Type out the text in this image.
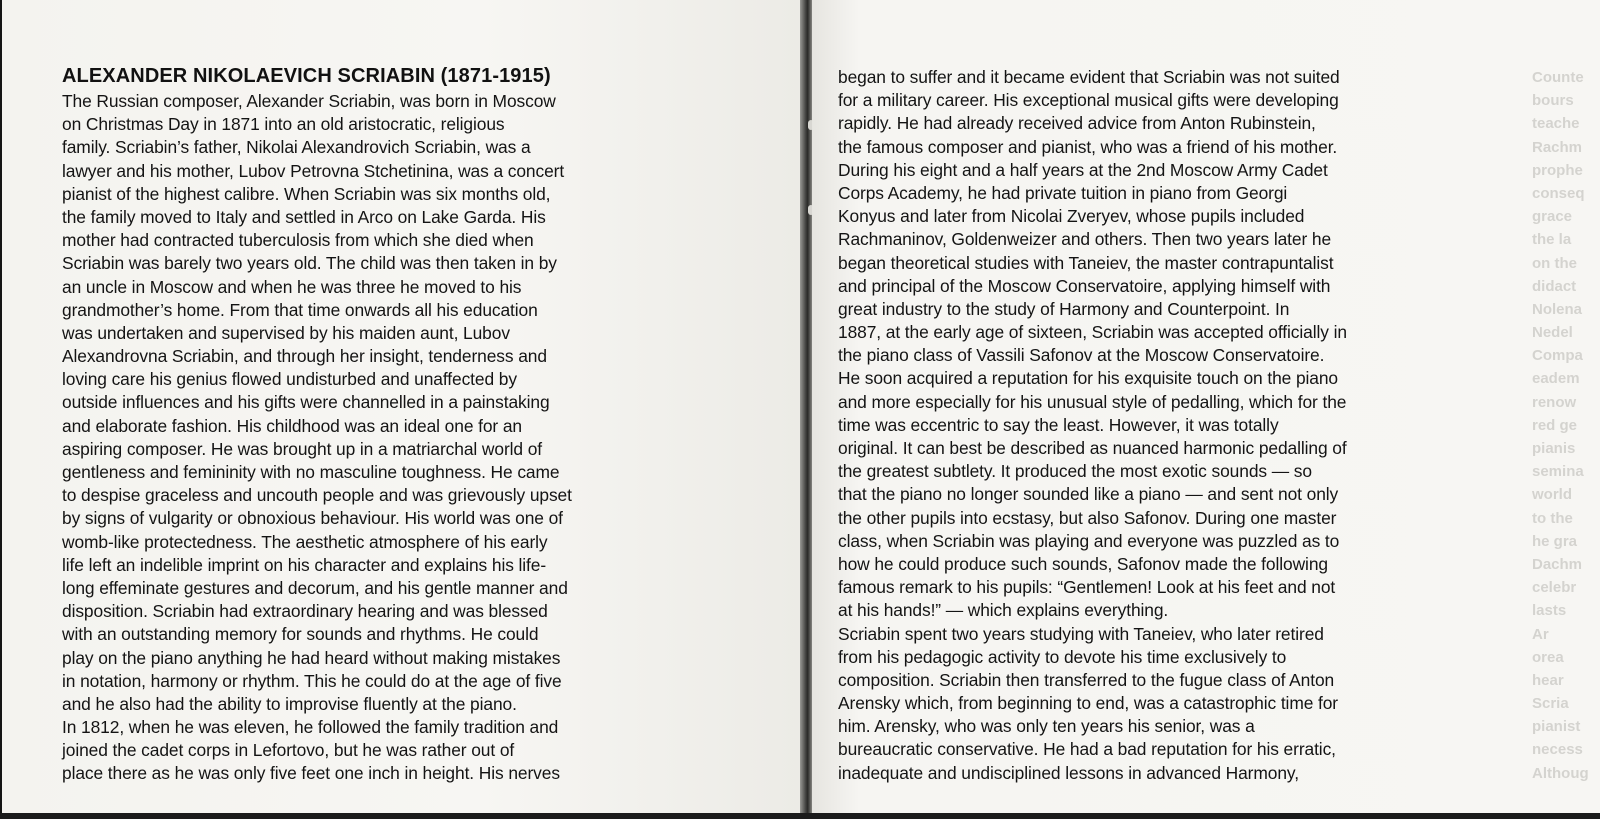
ALEXANDER NIKOLAEVICH SCRIABIN (1871-1915)
The Russian composer, Alexander Scriabin, was born in Moscow
on Christmas Day in 1871 into an old aristocratic, religious
family. Scriabin’s father, Nikolai Alexandrovich Scriabin, was a
lawyer and his mother, Lubov Petrovna Stchetinina, was a concert
pianist of the highest calibre. When Scriabin was six months old,
the family moved to Italy and settled in Arco on Lake Garda. His
mother had contracted tuberculosis from which she died when
Scriabin was barely two years old. The child was then taken in by
an uncle in Moscow and when he was three he moved to his
grandmother’s home. From that time onwards all his education
was undertaken and supervised by his maiden aunt, Lubov
Alexandrovna Scriabin, and through her insight, tenderness and
loving care his genius flowed undisturbed and unaffected by
outside influences and his gifts were channelled in a painstaking
and elaborate fashion. His childhood was an ideal one for an
aspiring composer. He was brought up in a matriarchal world of
gentleness and femininity with no masculine toughness. He came
to despise graceless and uncouth people and was grievously upset
by signs of vulgarity or obnoxious behaviour. His world was one of
womb-like protectedness. The aesthetic atmosphere of his early
life left an indelible imprint on his character and explains his life-
long effeminate gestures and decorum, and his gentle manner and
disposition. Scriabin had extraordinary hearing and was blessed
with an outstanding memory for sounds and rhythms. He could
play on the piano anything he had heard without making mistakes
in notation, harmony or rhythm. This he could do at the age of five
and he also had the ability to improvise fluently at the piano.
In 1812, when he was eleven, he followed the family tradition and
joined the cadet corps in Lefortovo, but he was rather out of
place there as he was only five feet one inch in height. His nerves
began to suffer and it became evident that Scriabin was not suited
for a military career. His exceptional musical gifts were developing
rapidly. He had already received advice from Anton Rubinstein,
the famous composer and pianist, who was a friend of his mother.
During his eight and a half years at the 2nd Moscow Army Cadet
Corps Academy, he had private tuition in piano from Georgi
Konyus and later from Nicolai Zveryev, whose pupils included
Rachmaninov, Goldenweizer and others. Then two years later he
began theoretical studies with Taneiev, the master contrapuntalist
and principal of the Moscow Conservatoire, applying himself with
great industry to the study of Harmony and Counterpoint. In
1887, at the early age of sixteen, Scriabin was accepted officially in
the piano class of Vassili Safonov at the Moscow Conservatoire.
He soon acquired a reputation for his exquisite touch on the piano
and more especially for his unusual style of pedalling, which for the
time was eccentric to say the least. However, it was totally
original. It can best be described as nuanced harmonic pedalling of
the greatest subtlety. It produced the most exotic sounds — so
that the piano no longer sounded like a piano — and sent not only
the other pupils into ecstasy, but also Safonov. During one master
class, when Scriabin was playing and everyone was puzzled as to
how he could produce such sounds, Safonov made the following
famous remark to his pupils: “Gentlemen! Look at his feet and not
at his hands!” — which explains everything.
Scriabin spent two years studying with Taneiev, who later retired
from his pedagogic activity to devote his time exclusively to
composition. Scriabin then transferred to the fugue class of Anton
Arensky which, from beginning to end, was a catastrophic time for
him. Arensky, who was only ten years his senior, was a
bureaucratic conservative. He had a bad reputation for his erratic,
inadequate and undisciplined lessons in advanced Harmony,
Counte
bours
teache
Rachm
prophe
conseq
grace
the la
on the
didact
Nolena
Nedel
Compa
eadem
renow
red ge
pianis
semina
world
to the
he gra
Dachm
celebr
lasts
Ar
orea
hear
Scria
pianist
necess
Althoug
